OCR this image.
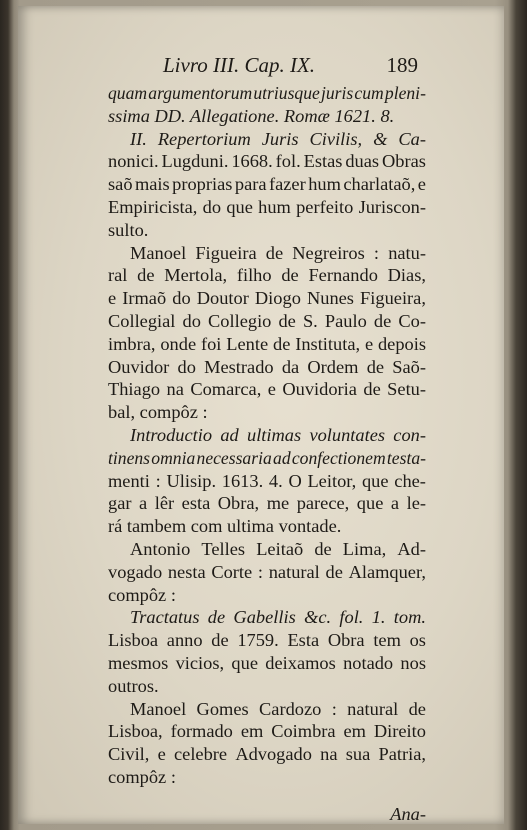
Livro III. Cap. IX.	189
quam argumentorum utriusque juris cum pleni-
ssima DD. Allegatione. Romæ 1621. 8.
II. Repertorium Juris Civilis, & Ca-
nonici. Lugduni. 1668. fol. Estas duas Obras
saõ mais proprias para fazer hum charlataõ, e
Empiricista, do que hum perfeito Juriscon-
sulto.
Manoel Figueira de Negreiros : natu-
ral de Mertola, filho de Fernando Dias,
e Irmaõ do Doutor Diogo Nunes Figueira,
Collegial do Collegio de S. Paulo de Co-
imbra, onde foi Lente de Instituta, e depois
Ouvidor do Mestrado da Ordem de Saõ-
Thiago na Comarca, e Ouvidoria de Setu-
bal, compôz :
Introductio ad ultimas voluntates con-
tinens omnia necessaria ad confectionem testa-
menti : Ulisip. 1613. 4. O Leitor, que che-
gar a lêr esta Obra, me parece, que a le-
rá tambem com ultima vontade.
Antonio Telles Leitaõ de Lima, Ad-
vogado nesta Corte : natural de Alamquer,
compôz :
Tractatus de Gabellis &c. fol. 1. tom.
Lisboa anno de 1759. Esta Obra tem os
mesmos vicios, que deixamos notado nos
outros.
Manoel Gomes Cardozo : natural de
Lisboa, formado em Coimbra em Direito
Civil, e celebre Advogado na sua Patria,
compôz :
Ana-
